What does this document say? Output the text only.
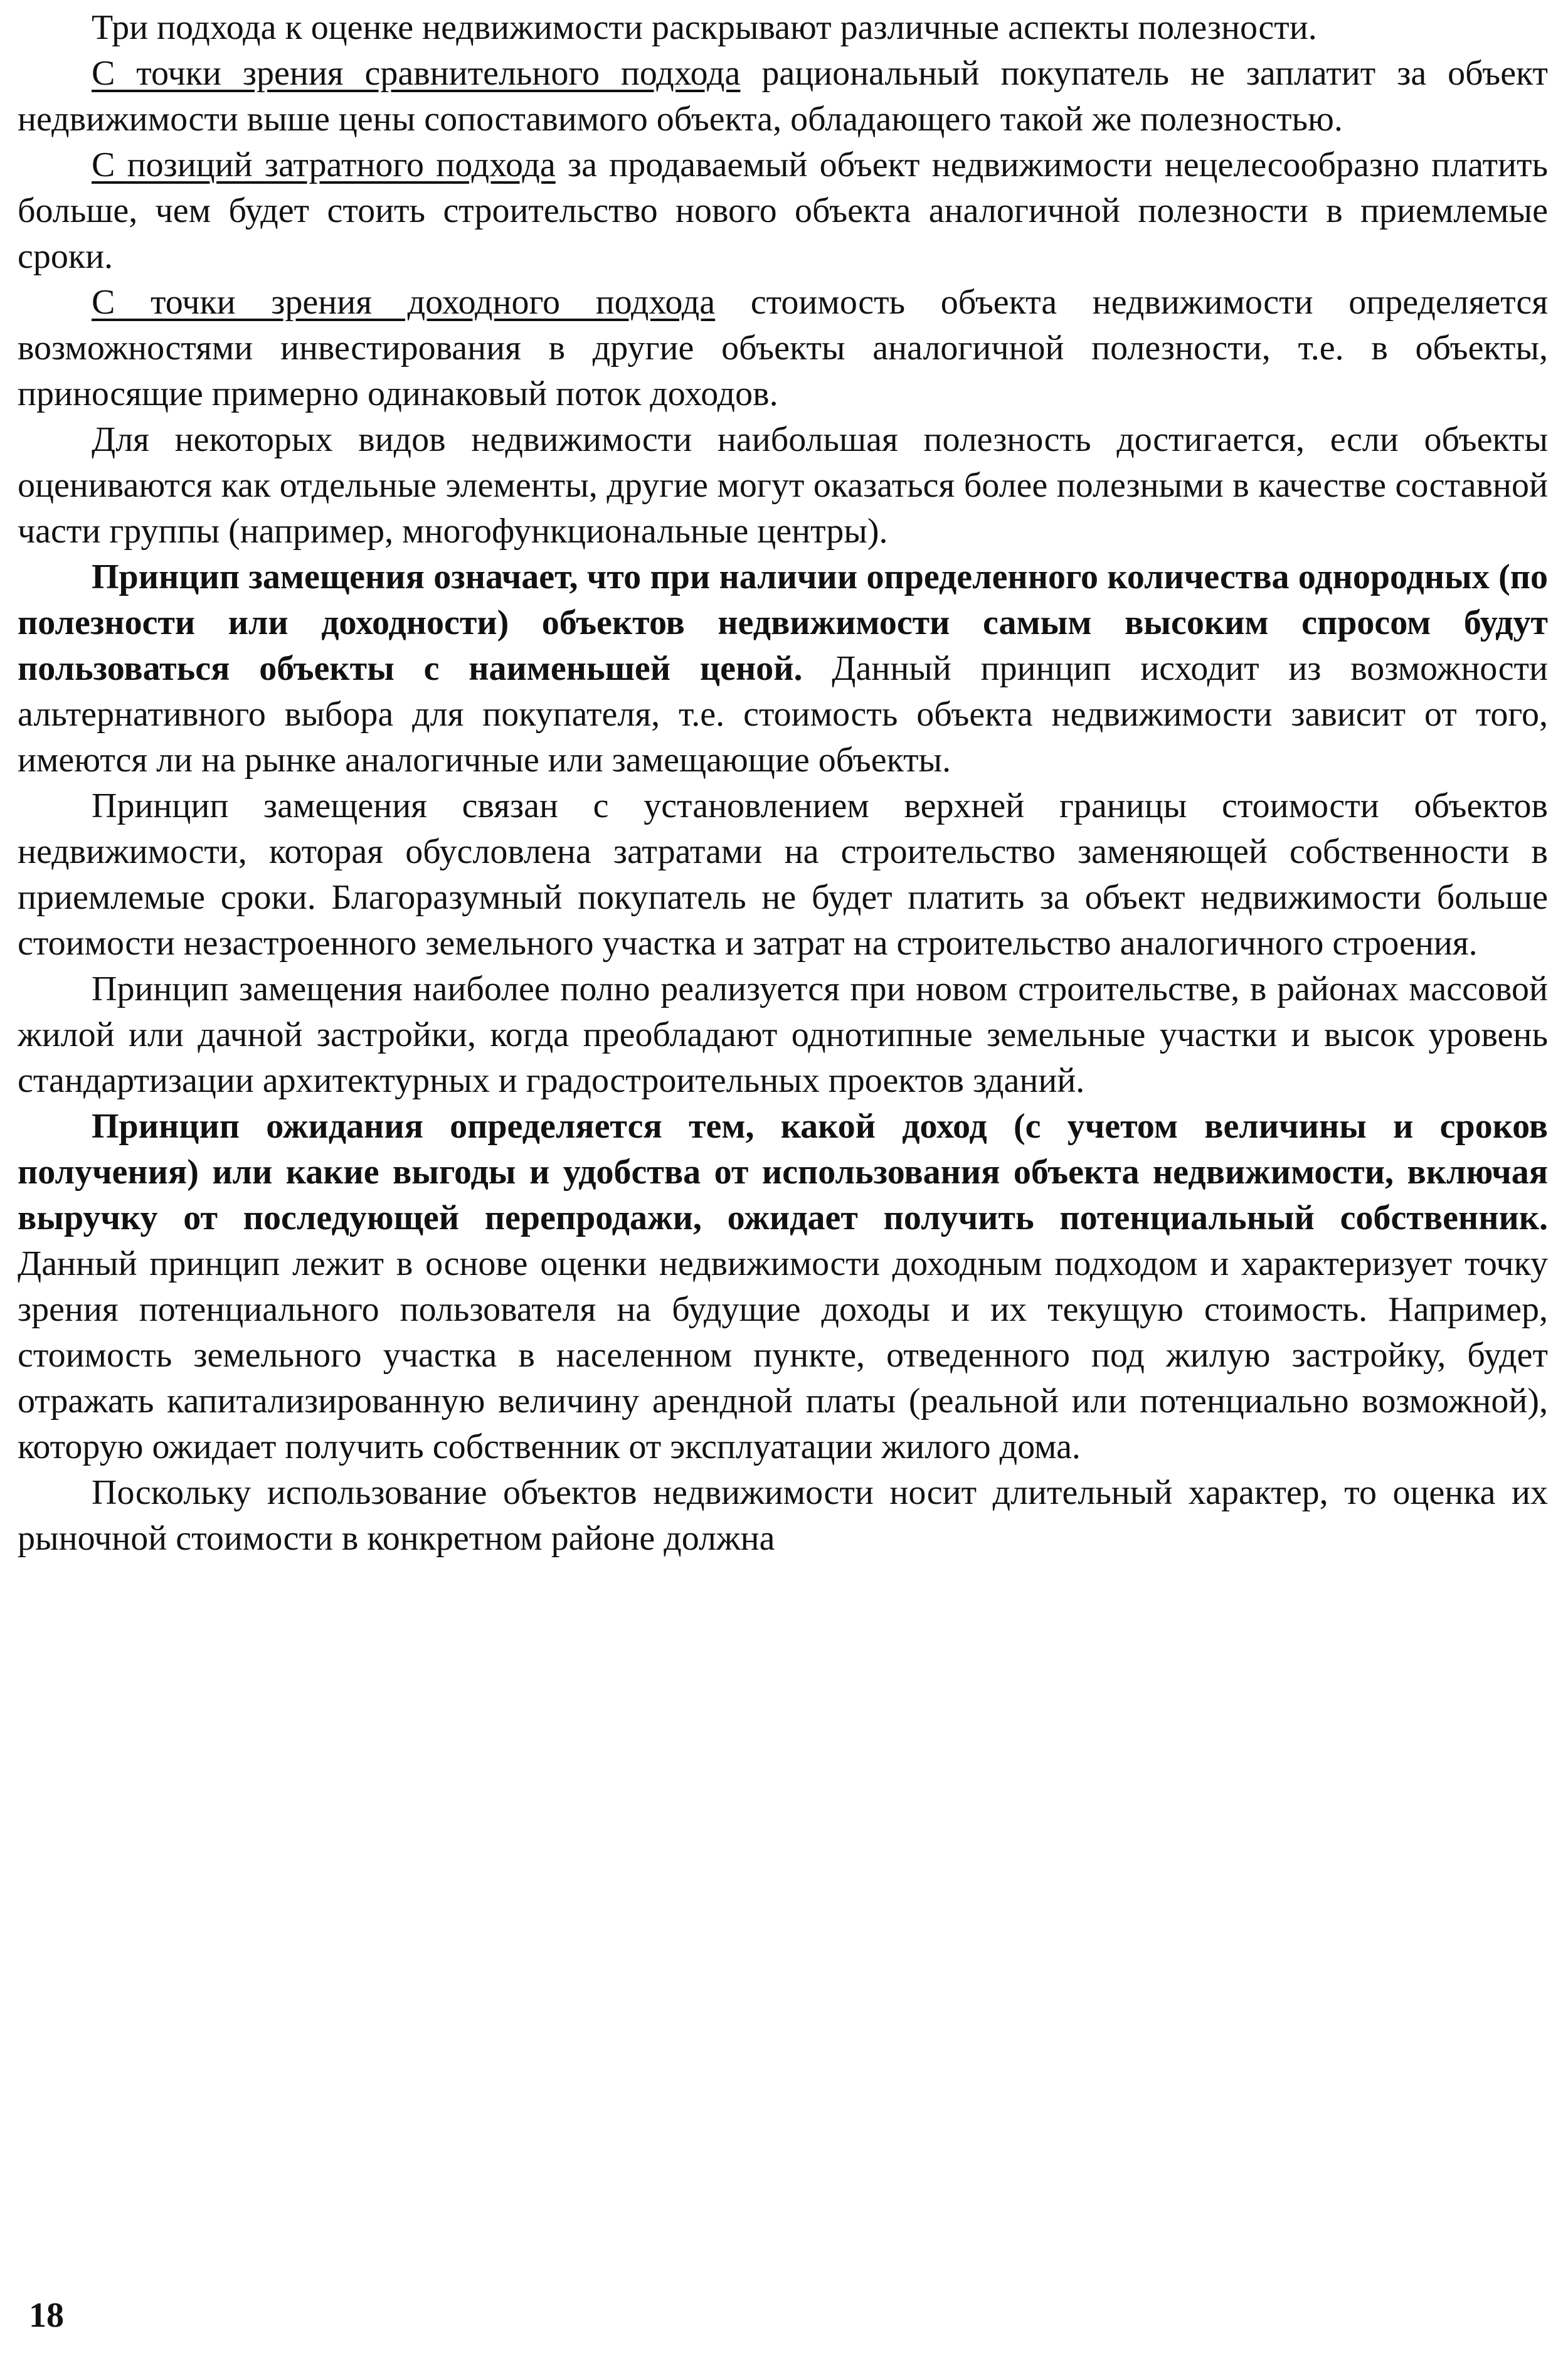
Три подхода к оценке недвижимости раскрывают различные аспекты полезности.

С точки зрения сравнительного подхода рациональный покупатель не заплатит за объект недвижимости выше цены сопоставимого объекта, обладающего такой же полезностью.

С позиций затратного подхода за продаваемый объект недвижимости нецелесообразно платить больше, чем будет стоить строительство нового объекта аналогичной полезности в приемлемые сроки.

С точки зрения доходного подхода стоимость объекта недвижимости определяется возможностями инвестирования в другие объекты аналогичной полезности, т.е. в объекты, приносящие примерно одинаковый поток доходов.

Для некоторых видов недвижимости наибольшая полезность достигается, если объекты оцениваются как отдельные элементы, другие могут оказаться более полезными в качестве составной части группы (например, многофункциональные центры).

Принцип замещения означает, что при наличии определенного количества однородных (по полезности или доходности) объектов недвижимости самым высоким спросом будут пользоваться объекты с наименьшей ценой. Данный принцип исходит из возможности альтернативного выбора для покупателя, т.е. стоимость объекта недвижимости зависит от того, имеются ли на рынке аналогичные или замещающие объекты.

Принцип замещения связан с установлением верхней границы стоимости объектов недвижимости, которая обусловлена затратами на строительство заменяющей собственности в приемлемые сроки. Благоразумный покупатель не будет платить за объект недвижимости больше стоимости незастроенного земельного участка и затрат на строительство аналогичного строения.

Принцип замещения наиболее полно реализуется при новом строительстве, в районах массовой жилой или дачной застройки, когда преобладают однотипные земельные участки и высок уровень стандартизации архитектурных и градостроительных проектов зданий.

Принцип ожидания определяется тем, какой доход (с учетом величины и сроков получения) или какие выгоды и удобства от использования объекта недвижимости, включая выручку от последующей перепродажи, ожидает получить потенциальный собственник. Данный принцип лежит в основе оценки недвижимости доходным подходом и характеризует точку зрения потенциального пользователя на будущие доходы и их текущую стоимость. Например, стоимость земельного участка в населенном пункте, отведенного под жилую застройку, будет отражать капитализированную величину арендной платы (реальной или потенциально возможной), которую ожидает получить собственник от эксплуатации жилого дома.

Поскольку использование объектов недвижимости носит длительный характер, то оценка их рыночной стоимости в конкретном районе должна

18
